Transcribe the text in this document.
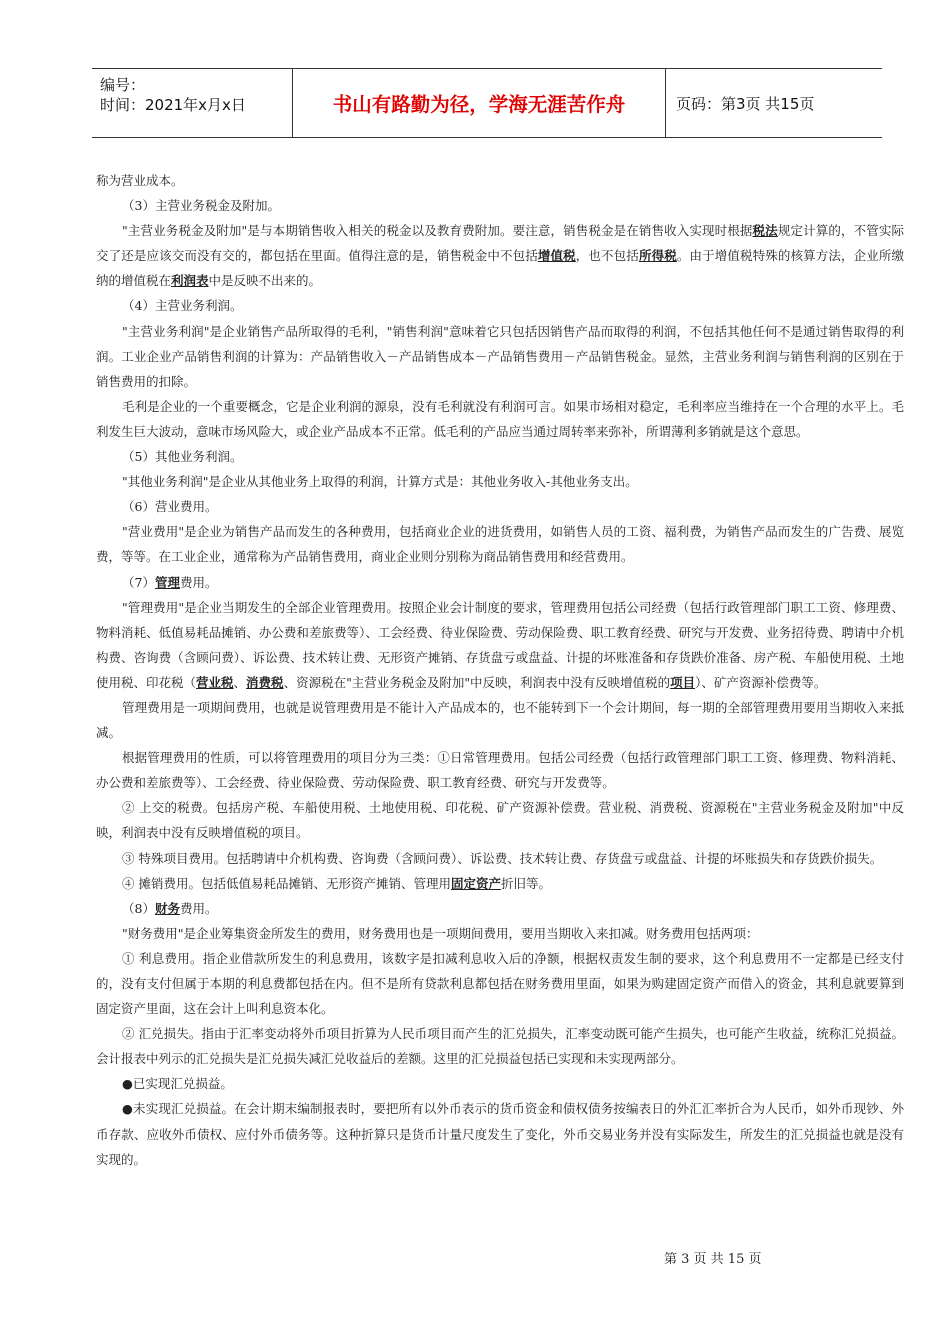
编号：
时间：2021年x月x日	书山有路勤为径，学海无涯苦作舟	页码：第3页 共15页

称为营业成本。

（3）主营业务税金及附加。

"主营业务税金及附加"是与本期销售收入相关的税金以及教育费附加。要注意，销售税金是在销售收入实现时根据税法规定计算的，不管实际交了还是应该交而没有交的，都包括在里面。值得注意的是，销售税金中不包括增值税，也不包括所得税。由于增值税特殊的核算方法，企业所缴纳的增值税在利润表中是反映不出来的。

（4）主营业务利润。

"主营业务利润"是企业销售产品所取得的毛利，"销售利润"意味着它只包括因销售产品而取得的利润，不包括其他任何不是通过销售取得的利润。工业企业产品销售利润的计算为：产品销售收入－产品销售成本－产品销售费用－产品销售税金。显然，主营业务利润与销售利润的区别在于销售费用的扣除。

毛利是企业的一个重要概念，它是企业利润的源泉，没有毛利就没有利润可言。如果市场相对稳定，毛利率应当维持在一个合理的水平上。毛利发生巨大波动，意味市场风险大，或企业产品成本不正常。低毛利的产品应当通过周转率来弥补，所谓薄利多销就是这个意思。

（5）其他业务利润。

"其他业务利润"是企业从其他业务上取得的利润，计算方式是：其他业务收入-其他业务支出。

（6）营业费用。

"营业费用"是企业为销售产品而发生的各种费用，包括商业企业的进货费用，如销售人员的工资、福利费，为销售产品而发生的广告费、展览费，等等。在工业企业，通常称为产品销售费用，商业企业则分别称为商品销售费用和经营费用。

（7）管理费用。

"管理费用"是企业当期发生的全部企业管理费用。按照企业会计制度的要求，管理费用包括公司经费（包括行政管理部门职工工资、修理费、物料消耗、低值易耗品摊销、办公费和差旅费等）、工会经费、待业保险费、劳动保险费、职工教育经费、研究与开发费、业务招待费、聘请中介机构费、咨询费（含顾问费）、诉讼费、技术转让费、无形资产摊销、存货盘亏或盘益、计提的坏账准备和存货跌价准备、房产税、车船使用税、土地使用税、印花税（营业税、消费税、资源税在"主营业务税金及附加"中反映，利润表中没有反映增值税的项目）、矿产资源补偿费等。

管理费用是一项期间费用，也就是说管理费用是不能计入产品成本的，也不能转到下一个会计期间，每一期的全部管理费用要用当期收入来抵减。

根据管理费用的性质，可以将管理费用的项目分为三类：①日常管理费用。包括公司经费（包括行政管理部门职工工资、修理费、物料消耗、办公费和差旅费等）、工会经费、待业保险费、劳动保险费、职工教育经费、研究与开发费等。

② 上交的税费。包括房产税、车船使用税、土地使用税、印花税、矿产资源补偿费。营业税、消费税、资源税在"主营业务税金及附加"中反映，利润表中没有反映增值税的项目。

③ 特殊项目费用。包括聘请中介机构费、咨询费（含顾问费）、诉讼费、技术转让费、存货盘亏或盘益、计提的坏账损失和存货跌价损失。

④ 摊销费用。包括低值易耗品摊销、无形资产摊销、管理用固定资产折旧等。

（8）财务费用。

"财务费用"是企业筹集资金所发生的费用，财务费用也是一项期间费用，要用当期收入来扣减。财务费用包括两项：

① 利息费用。指企业借款所发生的利息费用，该数字是扣减利息收入后的净额，根据权责发生制的要求，这个利息费用不一定都是已经支付的，没有支付但属于本期的利息费都包括在内。但不是所有贷款利息都包括在财务费用里面，如果为购建固定资产而借入的资金，其利息就要算到固定资产里面，这在会计上叫利息资本化。

② 汇兑损失。指由于汇率变动将外币项目折算为人民币项目而产生的汇兑损失，汇率变动既可能产生损失，也可能产生收益，统称汇兑损益。会计报表中列示的汇兑损失是汇兑损失减汇兑收益后的差额。这里的汇兑损益包括已实现和未实现两部分。

●已实现汇兑损益。

●未实现汇兑损益。在会计期末编制报表时，要把所有以外币表示的货币资金和债权债务按编表日的外汇汇率折合为人民币，如外币现钞、外币存款、应收外币债权、应付外币债务等。这种折算只是货币计量尺度发生了变化，外币交易业务并没有实际发生，所发生的汇兑损益也就是没有实现的。

第 3 页 共 15 页
